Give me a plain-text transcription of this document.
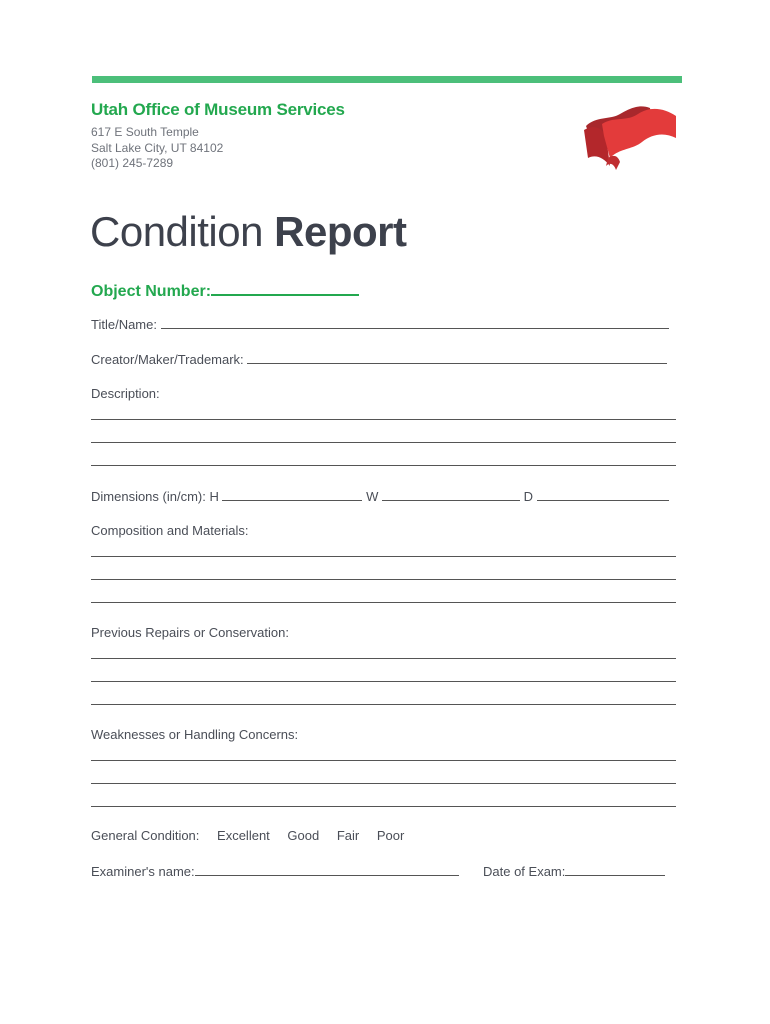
Utah Office of Museum Services
617 E South Temple
Salt Lake City, UT 84102
(801) 245-7289
Condition Report
Object Number:
Title/Name:
Creator/Maker/Trademark:
Description:
Dimensions (in/cm): H	W	D
Composition and Materials:
Previous Repairs or Conservation:
Weaknesses or Handling Concerns:
General Condition: Excellent Good Fair Poor
Examiner's name:	Date of Exam:
